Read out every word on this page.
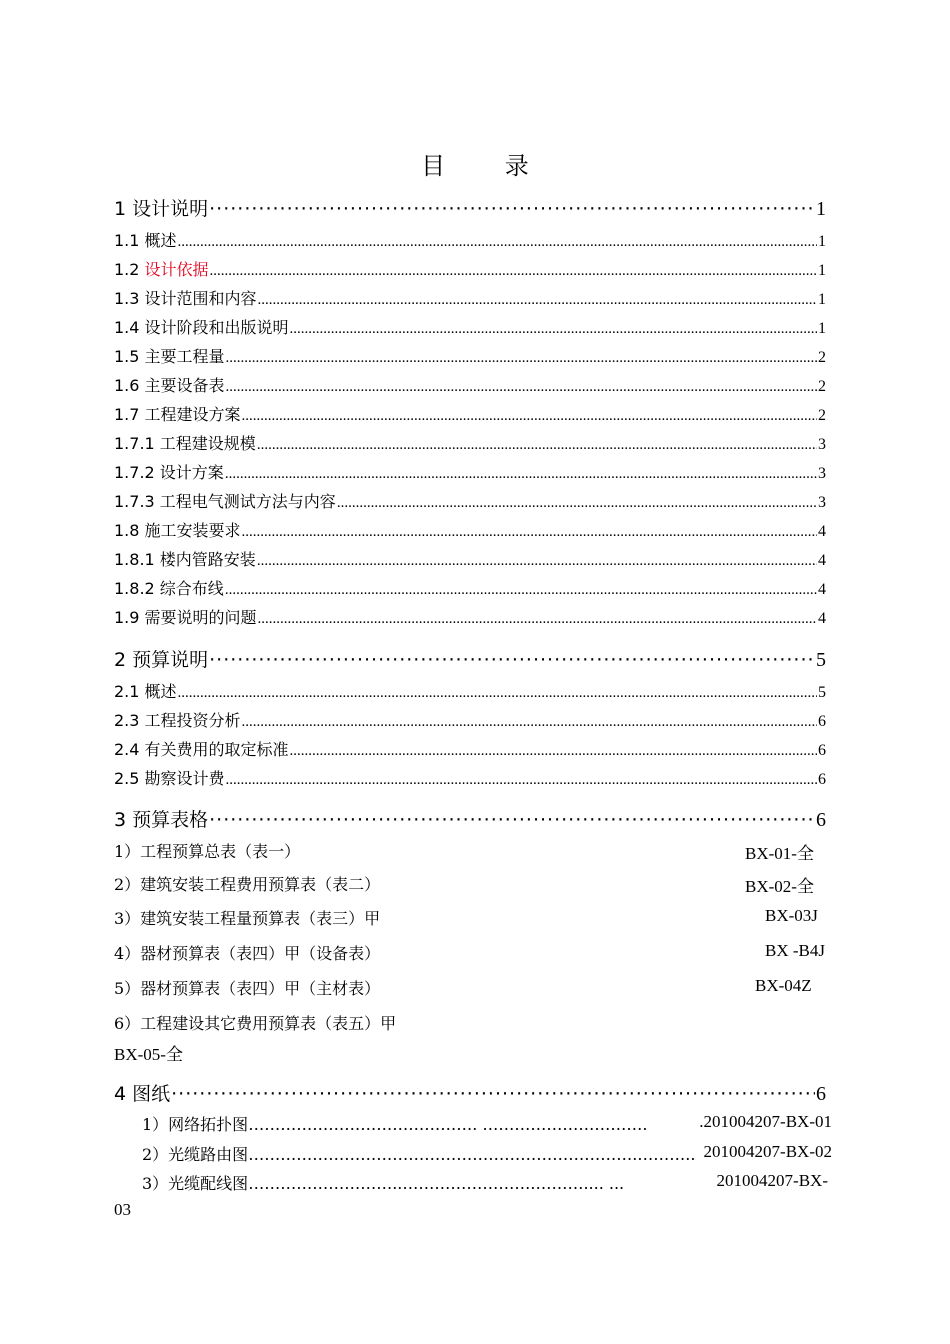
目 录
1 设计说明 ·····	1
1.1 概述 .....	1
1.2 设计依据 .....	1
1.3 设计范围和内容 .....	1
1.4 设计阶段和出版说明 .....	1
1.5 主要工程量 .....	2
1.6 主要设备表 .....	2
1.7 工程建设方案 .....	2
1.7.1 工程建设规模 .....	3
1.7.2 设计方案 .....	3
1.7.3 工程电气测试方法与内容 .....	3
1.8 施工安装要求 .....	4
1.8.1 楼内管路安装 .....	4
1.8.2 综合布线 .....	4
1.9 需要说明的问题 .....	4
2 预算说明 ·····	5
2.1 概述 .....	5
2.3 工程投资分析 .....	6
2.4 有关费用的取定标准 .....	6
2.5 勘察设计费 .....	6
3 预算表格 ·····	6
1）工程预算总表（表一）	BX-01-全
2）建筑安装工程费用预算表（表二）	BX-02-全
3）建筑安装工程量预算表（表三）甲	BX-03J
4）器材预算表（表四）甲（设备表）	BX -B4J
5）器材预算表（表四）甲（主材表）	BX-04Z
6）工程建设其它费用预算表（表五）甲
BX-05-全
4 图纸 ·····	6
1）网络拓扑图……………………………………. ………………………….	.201004207-BX-01
2）光缆路由图……………………………………………………………….……….. 201004207-BX-02
3）光缆配线图………………………..…………………….……….... ...	201004207-BX-
03
